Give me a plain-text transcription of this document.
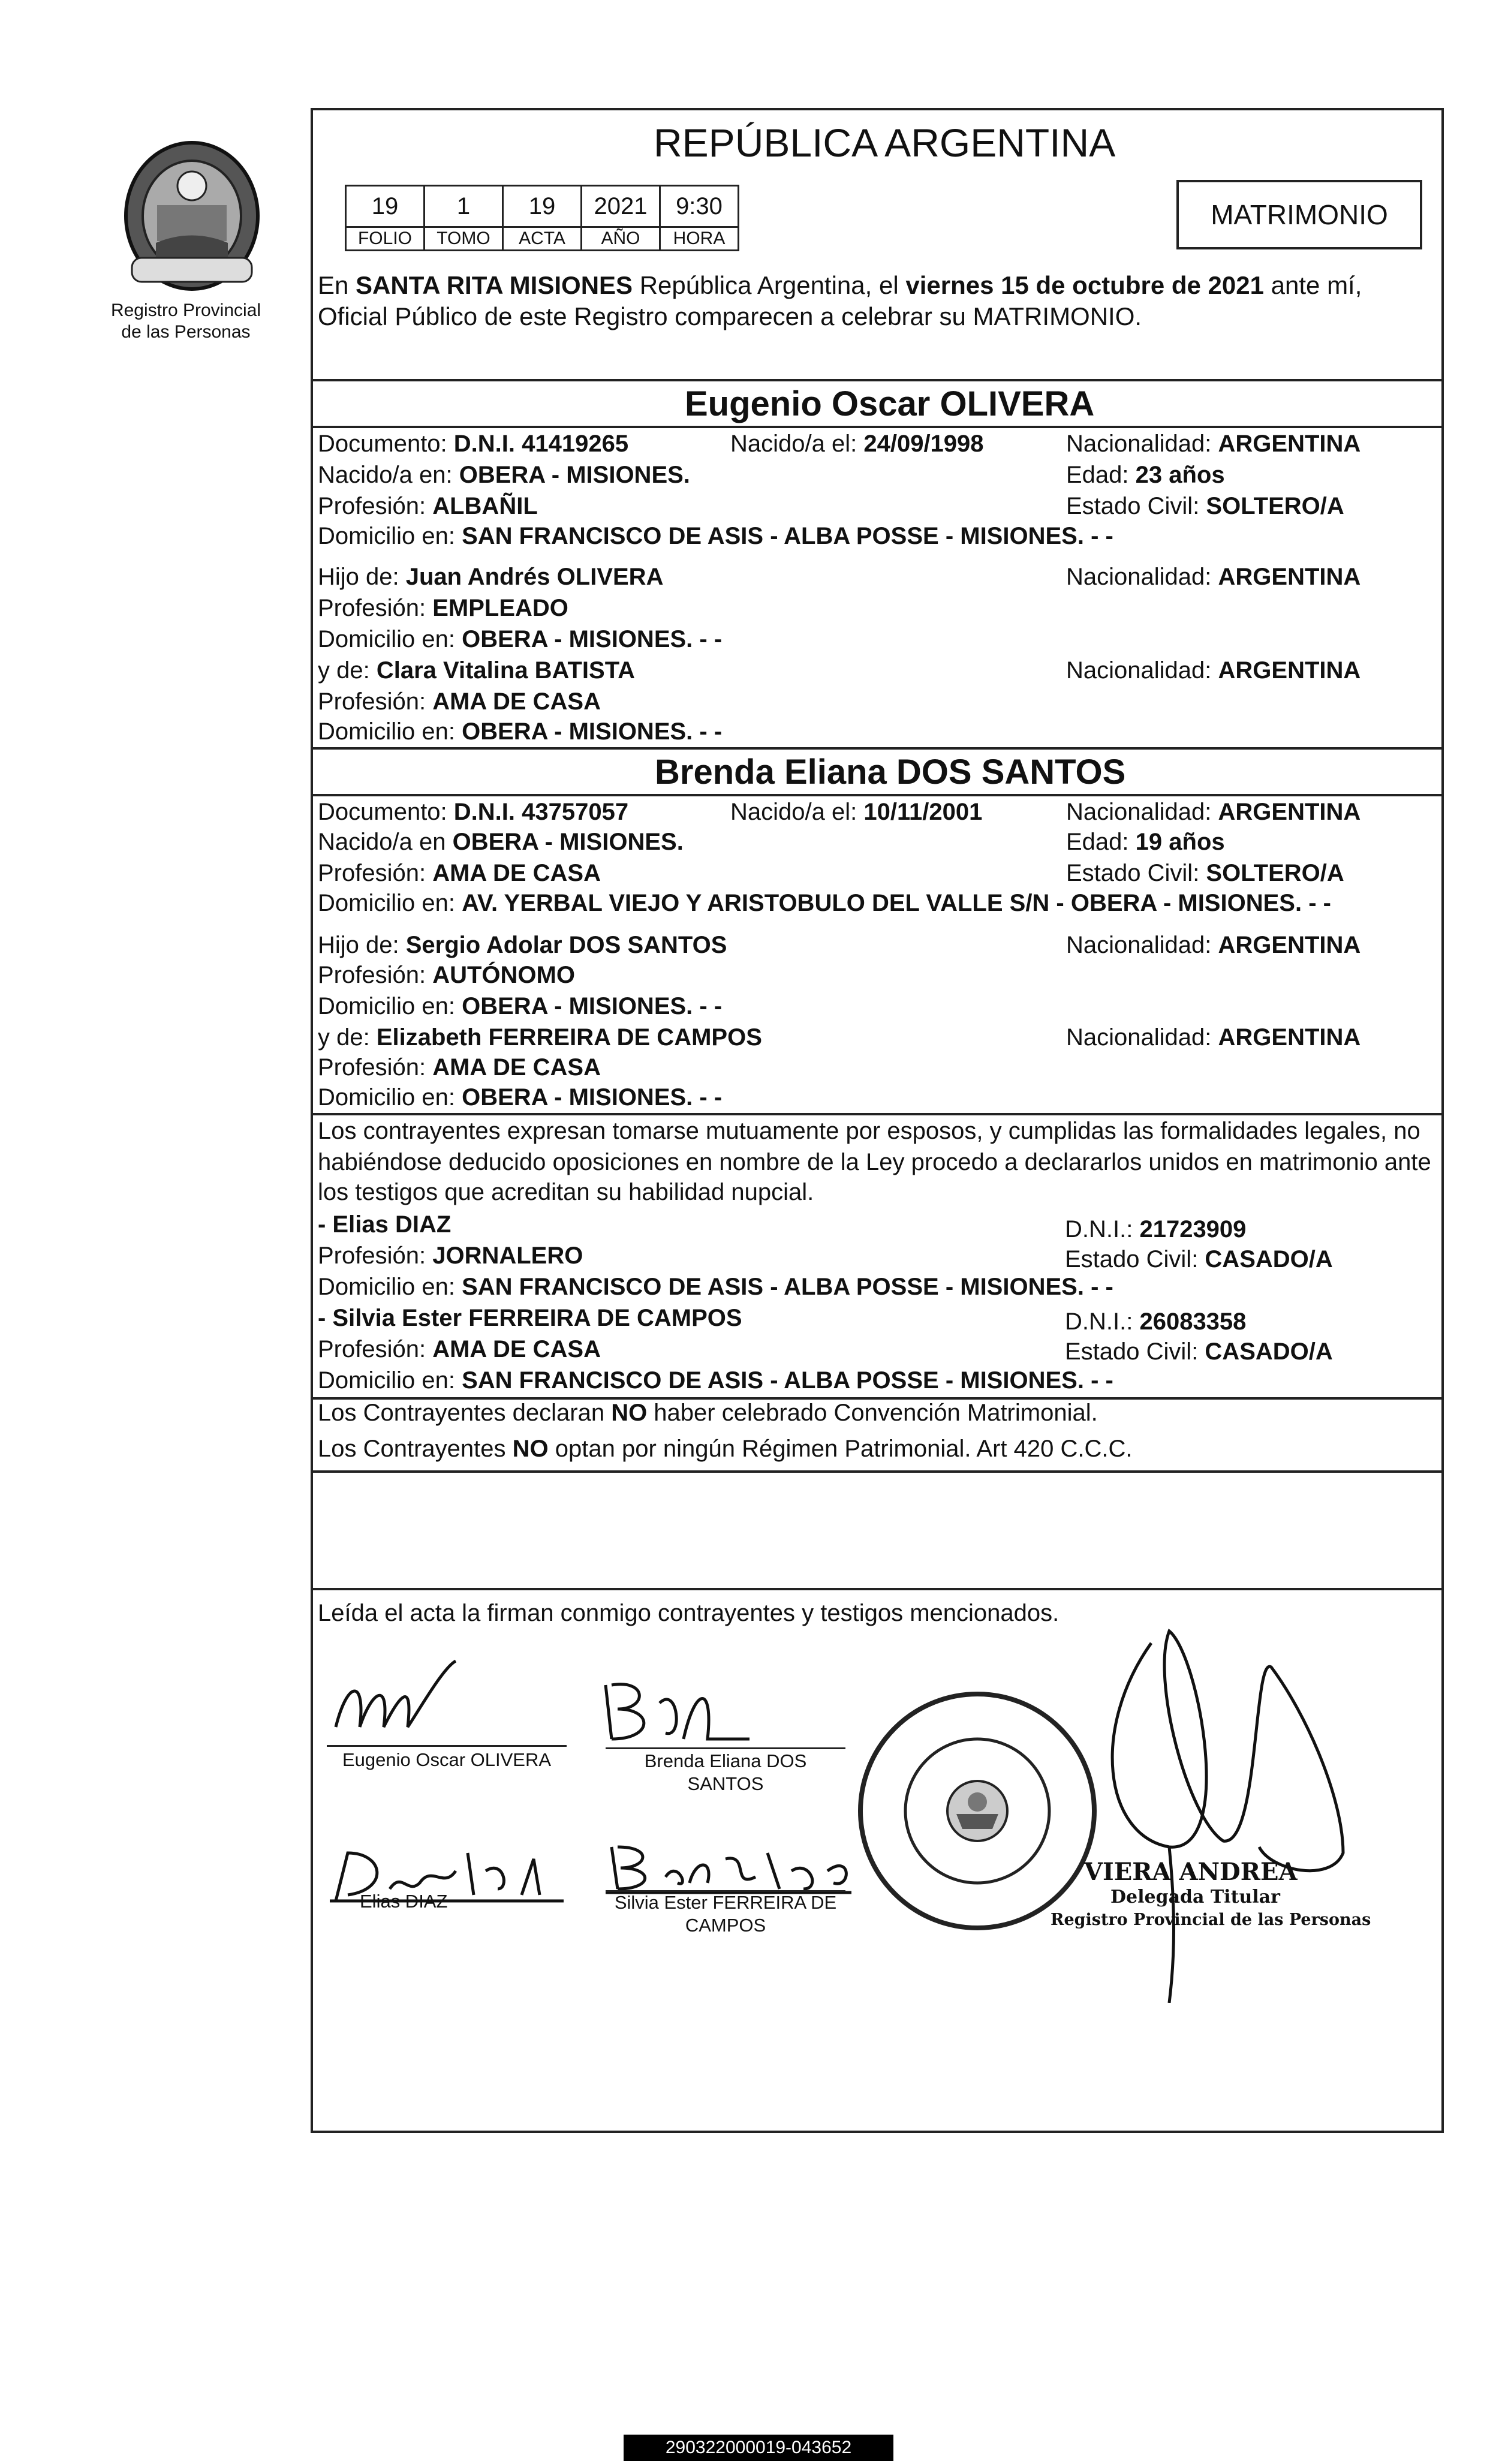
Registro Provincial
de las Personas
REPÚBLICA ARGENTINA
19	1	19	2021	9:30
FOLIO	TOMO	ACTA	AÑO	HORA
MATRIMONIO
En SANTA RITA MISIONES República Argentina, el viernes 15 de octubre de 2021 ante mí,
Oficial Público de este Registro comparecen a celebrar su MATRIMONIO.
Eugenio Oscar OLIVERA
Documento: D.N.I. 41419265	Nacido/a el: 24/09/1998	Nacionalidad: ARGENTINA
Nacido/a en: OBERA - MISIONES.	Edad: 23 años
Profesión: ALBAÑIL	Estado Civil: SOLTERO/A
Domicilio en: SAN FRANCISCO DE ASIS - ALBA POSSE - MISIONES. - -
Hijo de: Juan Andrés OLIVERA	Nacionalidad: ARGENTINA
Profesión: EMPLEADO
Domicilio en: OBERA - MISIONES. - -
y de: Clara Vitalina BATISTA	Nacionalidad: ARGENTINA
Profesión: AMA DE CASA
Domicilio en: OBERA - MISIONES. - -
Brenda Eliana DOS SANTOS
Documento: D.N.I. 43757057	Nacido/a el: 10/11/2001	Nacionalidad: ARGENTINA
Nacido/a en OBERA - MISIONES.	Edad: 19 años
Profesión: AMA DE CASA	Estado Civil: SOLTERO/A
Domicilio en: AV. YERBAL VIEJO Y ARISTOBULO DEL VALLE S/N - OBERA - MISIONES. - -
Hijo de: Sergio Adolar DOS SANTOS	Nacionalidad: ARGENTINA
Profesión: AUTÓNOMO
Domicilio en: OBERA - MISIONES. - -
y de: Elizabeth FERREIRA DE CAMPOS	Nacionalidad: ARGENTINA
Profesión: AMA DE CASA
Domicilio en: OBERA - MISIONES. - -
Los contrayentes expresan tomarse mutuamente por esposos, y cumplidas las formalidades legales, no
habiéndose deducido oposiciones en nombre de la Ley procedo a declararlos unidos en matrimonio ante
los testigos que acreditan su habilidad nupcial.
- Elias DIAZ	D.N.I.: 21723909
Profesión: JORNALERO	Estado Civil: CASADO/A
Domicilio en: SAN FRANCISCO DE ASIS - ALBA POSSE - MISIONES. - -
- Silvia Ester FERREIRA DE CAMPOS	D.N.I.: 26083358
Profesión: AMA DE CASA	Estado Civil: CASADO/A
Domicilio en: SAN FRANCISCO DE ASIS - ALBA POSSE - MISIONES. - -
Los Contrayentes declaran NO haber celebrado Convención Matrimonial.
Los Contrayentes NO optan por ningún Régimen Patrimonial. Art 420 C.C.C.
Leída el acta la firman conmigo contrayentes y testigos mencionados.
Eugenio Oscar OLIVERA	Brenda Eliana DOS
SANTOS
Elias DIAZ	Silvia Ester FERREIRA DE
CAMPOS
VIERA ANDREA
Delegada Titular
Registro Provincial de las Personas
290322000019-043652
